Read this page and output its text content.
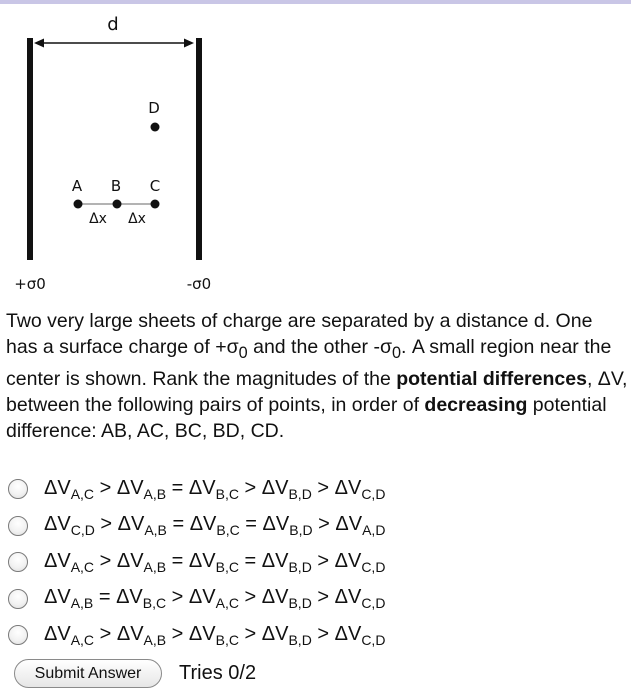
d
D
A B C
Δx Δx
+σ0	-σ0

Two very large sheets of charge are separated by a distance d. One has a surface charge of $+\sigma_0$ and the other $-\sigma_0$. A small region near the center is shown. Rank the magnitudes of the potential differences, ΔV, between the following pairs of points, in order of decreasing potential difference: AB, AC, BC, BD, CD.

$\Delta V_{A,C} > \Delta V_{A,B} = \Delta V_{B,C} > \Delta V_{B,D} > \Delta V_{C,D}$
$\Delta V_{C,D} > \Delta V_{A,B} = \Delta V_{B,C} = \Delta V_{B,D} > \Delta V_{A,D}$
$\Delta V_{A,C} > \Delta V_{A,B} = \Delta V_{B,C} = \Delta V_{B,D} > \Delta V_{C,D}$
$\Delta V_{A,B} = \Delta V_{B,C} > \Delta V_{A,C} > \Delta V_{B,D} > \Delta V_{C,D}$
$\Delta V_{A,C} > \Delta V_{A,B} > \Delta V_{B,C} > \Delta V_{B,D} > \Delta V_{C,D}$
Submit Answer	Tries 0/2
